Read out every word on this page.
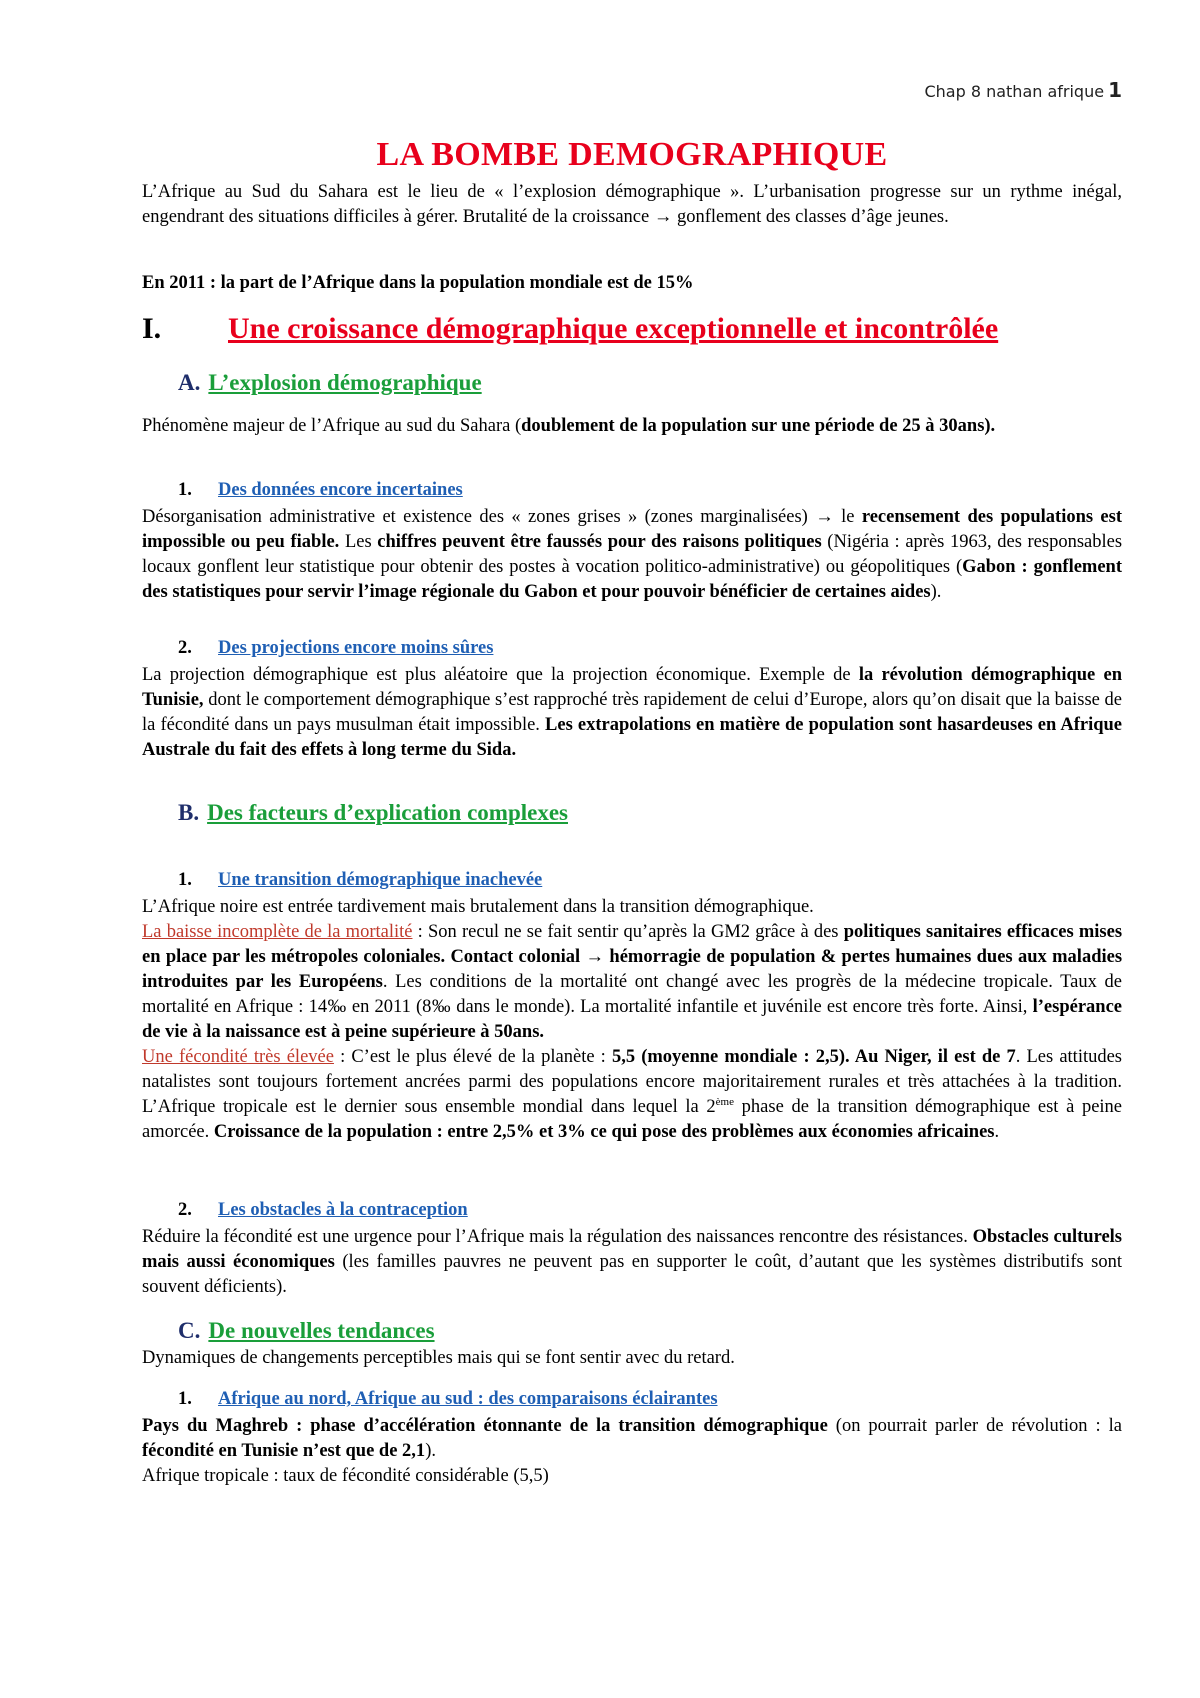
Chap 8 nathan afrique 1
LA BOMBE DEMOGRAPHIQUE

L’Afrique au Sud du Sahara est le lieu de « l’explosion démographique ». L’urbanisation progresse sur un rythme inégal, engendrant des situations difficiles à gérer. Brutalité de la croissance → gonflement des classes d’âge jeunes.

En 2011 : la part de l’Afrique dans la population mondiale est de 15%

I. Une croissance démographique exceptionnelle et incontrôlée
A. L’explosion démographique

Phénomène majeur de l’Afrique au sud du Sahara (doublement de la population sur une période de 25 à 30ans).

1. Des données encore incertaines

Désorganisation administrative et existence des « zones grises » (zones marginalisées) → le recensement des populations est impossible ou peu fiable. Les chiffres peuvent être faussés pour des raisons politiques (Nigéria : après 1963, des responsables locaux gonflent leur statistique pour obtenir des postes à vocation politico-administrative) ou géopolitiques (Gabon : gonflement des statistiques pour servir l’image régionale du Gabon et pour pouvoir bénéficier de certaines aides).

2. Des projections encore moins sûres

La projection démographique est plus aléatoire que la projection économique. Exemple de la révolution démographique en Tunisie, dont le comportement démographique s’est rapproché très rapidement de celui d’Europe, alors qu’on disait que la baisse de la fécondité dans un pays musulman était impossible. Les extrapolations en matière de population sont hasardeuses en Afrique Australe du fait des effets à long terme du Sida.

B. Des facteurs d’explication complexes
1. Une transition démographique inachevée

L’Afrique noire est entrée tardivement mais brutalement dans la transition démographique.
La baisse incomplète de la mortalité : Son recul ne se fait sentir qu’après la GM2 grâce à des politiques sanitaires efficaces mises en place par les métropoles coloniales. Contact colonial → hémorragie de population & pertes humaines dues aux maladies introduites par les Européens. Les conditions de la mortalité ont changé avec les progrès de la médecine tropicale. Taux de mortalité en Afrique : 14‰ en 2011 (8‰ dans le monde). La mortalité infantile et juvénile est encore très forte. Ainsi, l’espérance de vie à la naissance est à peine supérieure à 50ans.
Une fécondité très élevée : C’est le plus élevé de la planète : 5,5 (moyenne mondiale : 2,5). Au Niger, il est de 7. Les attitudes natalistes sont toujours fortement ancrées parmi des populations encore majoritairement rurales et très attachées à la tradition. L’Afrique tropicale est le dernier sous ensemble mondial dans lequel la 2ème phase de la transition démographique est à peine amorcée. Croissance de la population : entre 2,5% et 3% ce qui pose des problèmes aux économies africaines.

2. Les obstacles à la contraception

Réduire la fécondité est une urgence pour l’Afrique mais la régulation des naissances rencontre des résistances. Obstacles culturels mais aussi économiques (les familles pauvres ne peuvent pas en supporter le coût, d’autant que les systèmes distributifs sont souvent déficients).

C. De nouvelles tendances

Dynamiques de changements perceptibles mais qui se font sentir avec du retard.

1. Afrique au nord, Afrique au sud : des comparaisons éclairantes

Pays du Maghreb : phase d’accélération étonnante de la transition démographique (on pourrait parler de révolution : la fécondité en Tunisie n’est que de 2,1).
Afrique tropicale : taux de fécondité considérable (5,5)
